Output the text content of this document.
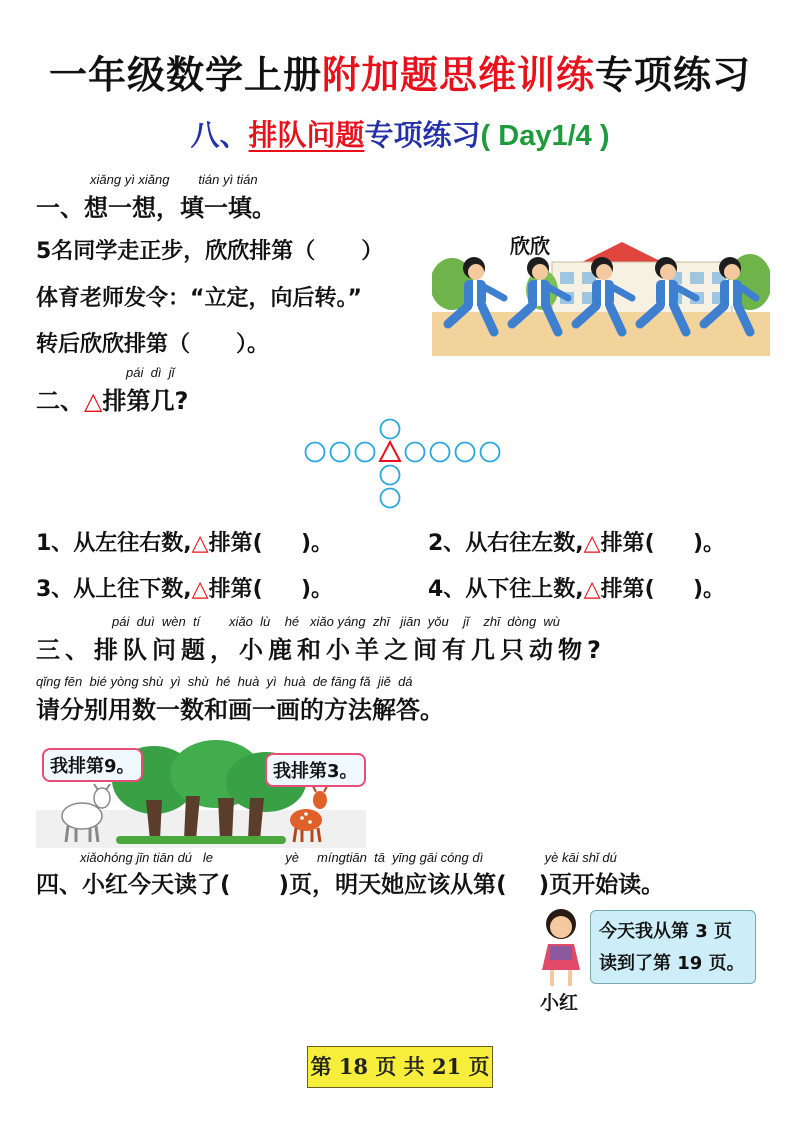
一年级数学上册附加题思维训练专项练习
八、排队问题专项练习( Day1/4 )
xiǎng yì xiǎng        tián yì tián
一、想一想，填一填。
5名同学走正步，欣欣排第（      ）
体育老师发令：“立定，向后转。”
转后欣欣排第（      ）。
欣欣
pái  dì  jǐ
二、△排第几?
1、从左往右数,△排第(     )。	2、从右往左数,△排第(     )。
3、从上往下数,△排第(     )。	4、从下往上数,△排第(     )。
pái  duì  wèn  tí        xiǎo  lù    hé   xiǎo yáng  zhī   jiān  yǒu    jǐ    zhī  dòng  wù
三、排队问题，小鹿和小羊之间有几只动物?
qǐng fēn  bié yòng shù  yì  shù  hé  huà  yì  huà  de fāng fǎ  jiě  dá
请分别用数一数和画一画的方法解答。
我排第9。	我排第3。
xiǎohóng jīn tiān dú   le                    yè     míngtiān  tā  yīng gāi cóng dì                 yè kāi shǐ dú
四、小红今天读了(      )页，明天她应该从第(    )页开始读。
今天我从第 3 页
读到了第 19 页。
小红
第 18 页 共 21 页
